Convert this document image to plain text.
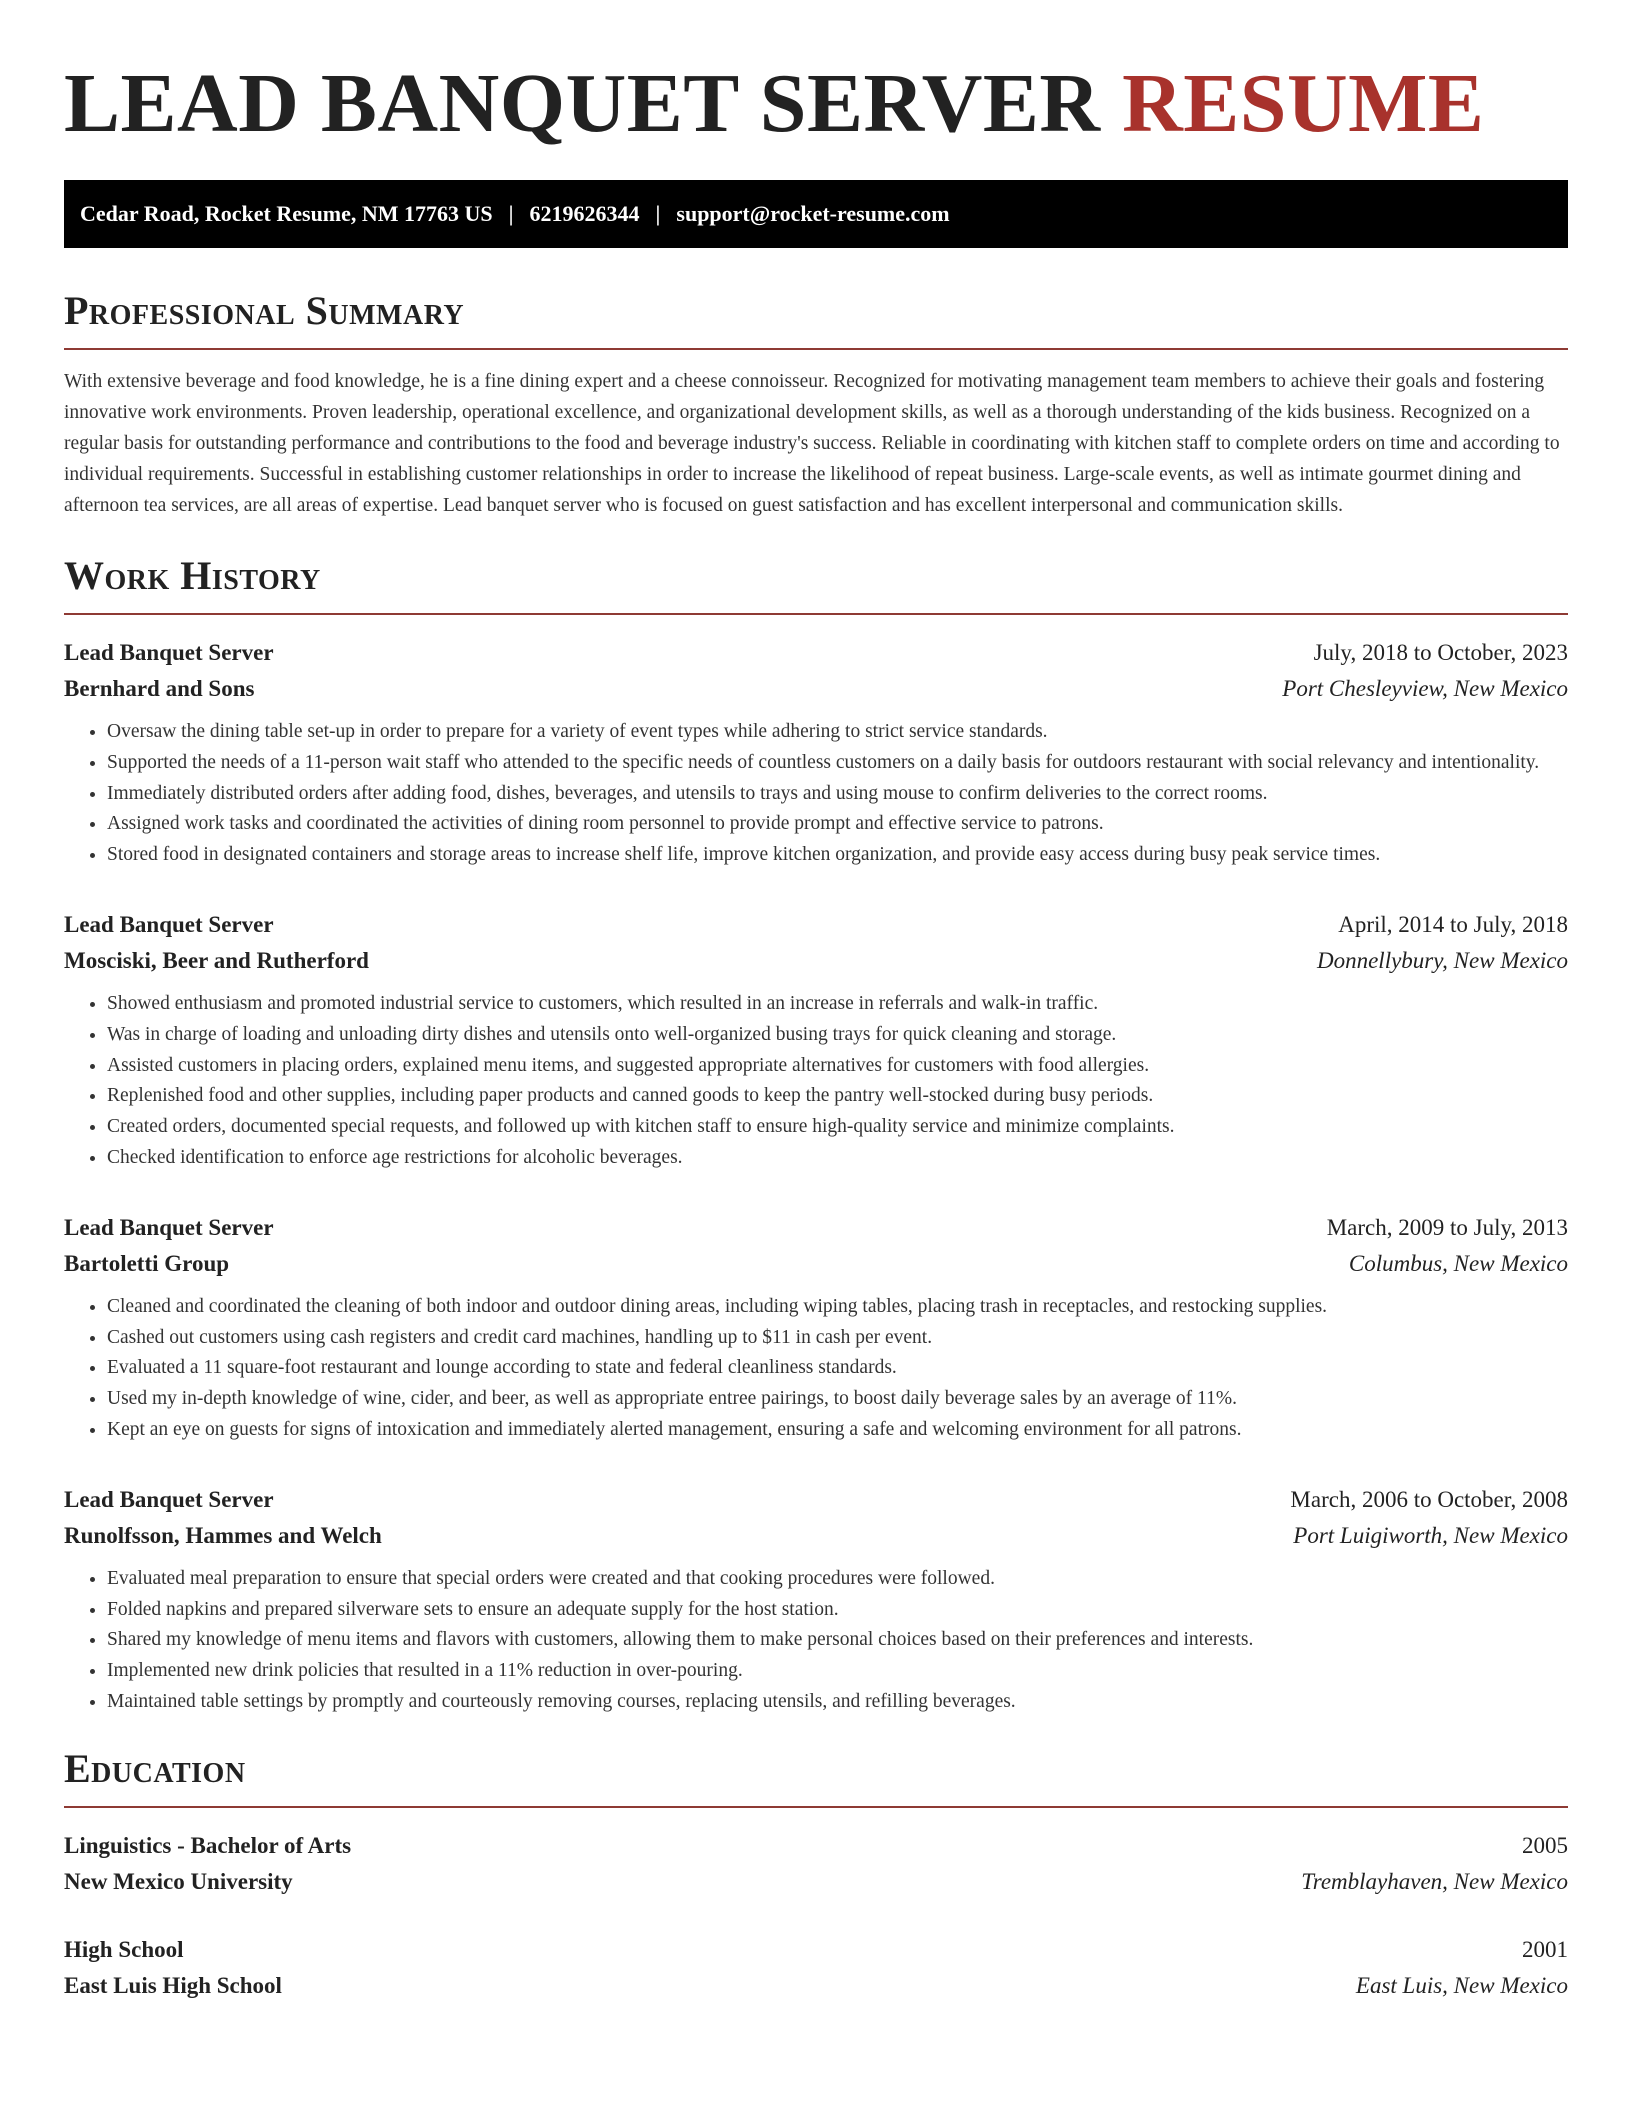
LEAD BANQUET SERVER RESUME
Cedar Road, Rocket Resume, NM 17763 US | 6219626344 | support@rocket-resume.com
Professional Summary

With extensive beverage and food knowledge, he is a fine dining expert and a cheese connoisseur. Recognized for motivating management team members to achieve their goals and fostering innovative work environments. Proven leadership, operational excellence, and organizational development skills, as well as a thorough understanding of the kids business. Recognized on a regular basis for outstanding performance and contributions to the food and beverage industry's success. Reliable in coordinating with kitchen staff to complete orders on time and according to individual requirements. Successful in establishing customer relationships in order to increase the likelihood of repeat business. Large-scale events, as well as intimate gourmet dining and afternoon tea services, are all areas of expertise. Lead banquet server who is focused on guest satisfaction and has excellent interpersonal and communication skills.

Work History
Lead Banquet Server	July, 2018 to October, 2023
Bernhard and Sons	Port Chesleyview, New Mexico
• Oversaw the dining table set-up in order to prepare for a variety of event types while adhering to strict service standards.
• Supported the needs of a 11-person wait staff who attended to the specific needs of countless customers on a daily basis for outdoors restaurant with social relevancy and intentionality.
• Immediately distributed orders after adding food, dishes, beverages, and utensils to trays and using mouse to confirm deliveries to the correct rooms.
• Assigned work tasks and coordinated the activities of dining room personnel to provide prompt and effective service to patrons.
• Stored food in designated containers and storage areas to increase shelf life, improve kitchen organization, and provide easy access during busy peak service times.
Lead Banquet Server	April, 2014 to July, 2018
Mosciski, Beer and Rutherford	Donnellybury, New Mexico
• Showed enthusiasm and promoted industrial service to customers, which resulted in an increase in referrals and walk-in traffic.
• Was in charge of loading and unloading dirty dishes and utensils onto well-organized busing trays for quick cleaning and storage.
• Assisted customers in placing orders, explained menu items, and suggested appropriate alternatives for customers with food allergies.
• Replenished food and other supplies, including paper products and canned goods to keep the pantry well-stocked during busy periods.
• Created orders, documented special requests, and followed up with kitchen staff to ensure high-quality service and minimize complaints.
• Checked identification to enforce age restrictions for alcoholic beverages.
Lead Banquet Server	March, 2009 to July, 2013
Bartoletti Group	Columbus, New Mexico
• Cleaned and coordinated the cleaning of both indoor and outdoor dining areas, including wiping tables, placing trash in receptacles, and restocking supplies.
• Cashed out customers using cash registers and credit card machines, handling up to $11 in cash per event.
• Evaluated a 11 square-foot restaurant and lounge according to state and federal cleanliness standards.
• Used my in-depth knowledge of wine, cider, and beer, as well as appropriate entree pairings, to boost daily beverage sales by an average of 11%.
• Kept an eye on guests for signs of intoxication and immediately alerted management, ensuring a safe and welcoming environment for all patrons.
Lead Banquet Server	March, 2006 to October, 2008
Runolfsson, Hammes and Welch	Port Luigiworth, New Mexico
• Evaluated meal preparation to ensure that special orders were created and that cooking procedures were followed.
• Folded napkins and prepared silverware sets to ensure an adequate supply for the host station.
• Shared my knowledge of menu items and flavors with customers, allowing them to make personal choices based on their preferences and interests.
• Implemented new drink policies that resulted in a 11% reduction in over-pouring.
• Maintained table settings by promptly and courteously removing courses, replacing utensils, and refilling beverages.
Education
Linguistics - Bachelor of Arts	2005
New Mexico University	Tremblayhaven, New Mexico
High School	2001
East Luis High School	East Luis, New Mexico
